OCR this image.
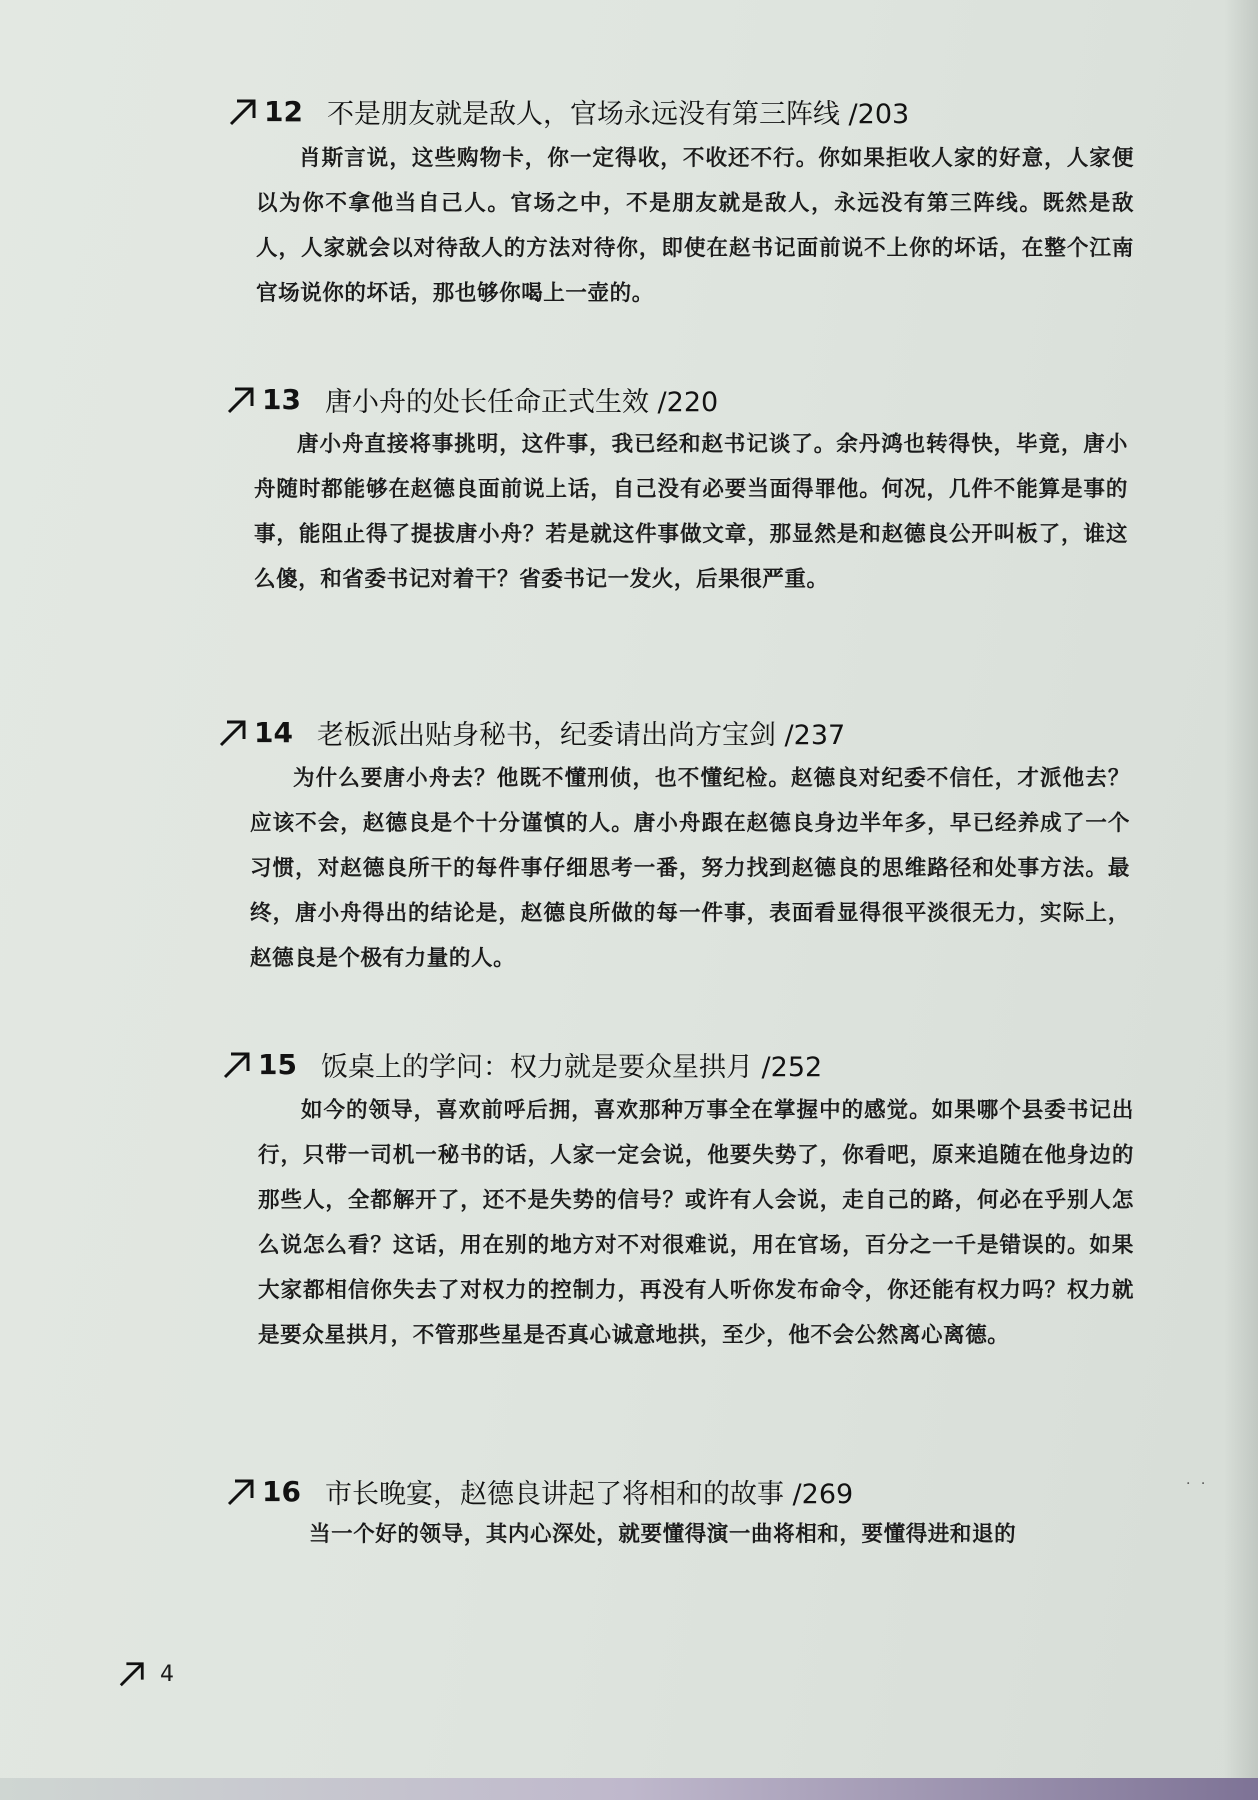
12 不是朋友就是敌人，官场永远没有第三阵线 /203
肖斯言说，这些购物卡，你一定得收，不收还不行。你如果拒收人家的好意，人家便以为你不拿他当自己人。官场之中，不是朋友就是敌人，永远没有第三阵线。既然是敌人，人家就会以对待敌人的方法对待你，即使在赵书记面前说不上你的坏话，在整个江南官场说你的坏话，那也够你喝上一壶的。
13 唐小舟的处长任命正式生效 /220
唐小舟直接将事挑明，这件事，我已经和赵书记谈了。余丹鸿也转得快，毕竟，唐小舟随时都能够在赵德良面前说上话，自己没有必要当面得罪他。何况，几件不能算是事的事，能阻止得了提拔唐小舟？若是就这件事做文章，那显然是和赵德良公开叫板了，谁这么傻，和省委书记对着干？省委书记一发火，后果很严重。
14 老板派出贴身秘书，纪委请出尚方宝剑 /237
为什么要唐小舟去？他既不懂刑侦，也不懂纪检。赵德良对纪委不信任，才派他去？应该不会，赵德良是个十分谨慎的人。唐小舟跟在赵德良身边半年多，早已经养成了一个习惯，对赵德良所干的每件事仔细思考一番，努力找到赵德良的思维路径和处事方法。最终，唐小舟得出的结论是，赵德良所做的每一件事，表面看显得很平淡很无力，实际上，赵德良是个极有力量的人。
15 饭桌上的学问：权力就是要众星拱月 /252
如今的领导，喜欢前呼后拥，喜欢那种万事全在掌握中的感觉。如果哪个县委书记出行，只带一司机一秘书的话，人家一定会说，他要失势了，你看吧，原来追随在他身边的那些人，全都解开了，还不是失势的信号？或许有人会说，走自己的路，何必在乎别人怎么说怎么看？这话，用在别的地方对不对很难说，用在官场，百分之一千是错误的。如果大家都相信你失去了对权力的控制力，再没有人听你发布命令，你还能有权力吗？权力就是要众星拱月，不管那些星是否真心诚意地拱，至少，他不会公然离心离德。
16 市长晚宴，赵德良讲起了将相和的故事 /269
当一个好的领导，其内心深处，就要懂得演一曲将相和，要懂得进和退的
· ·
4
